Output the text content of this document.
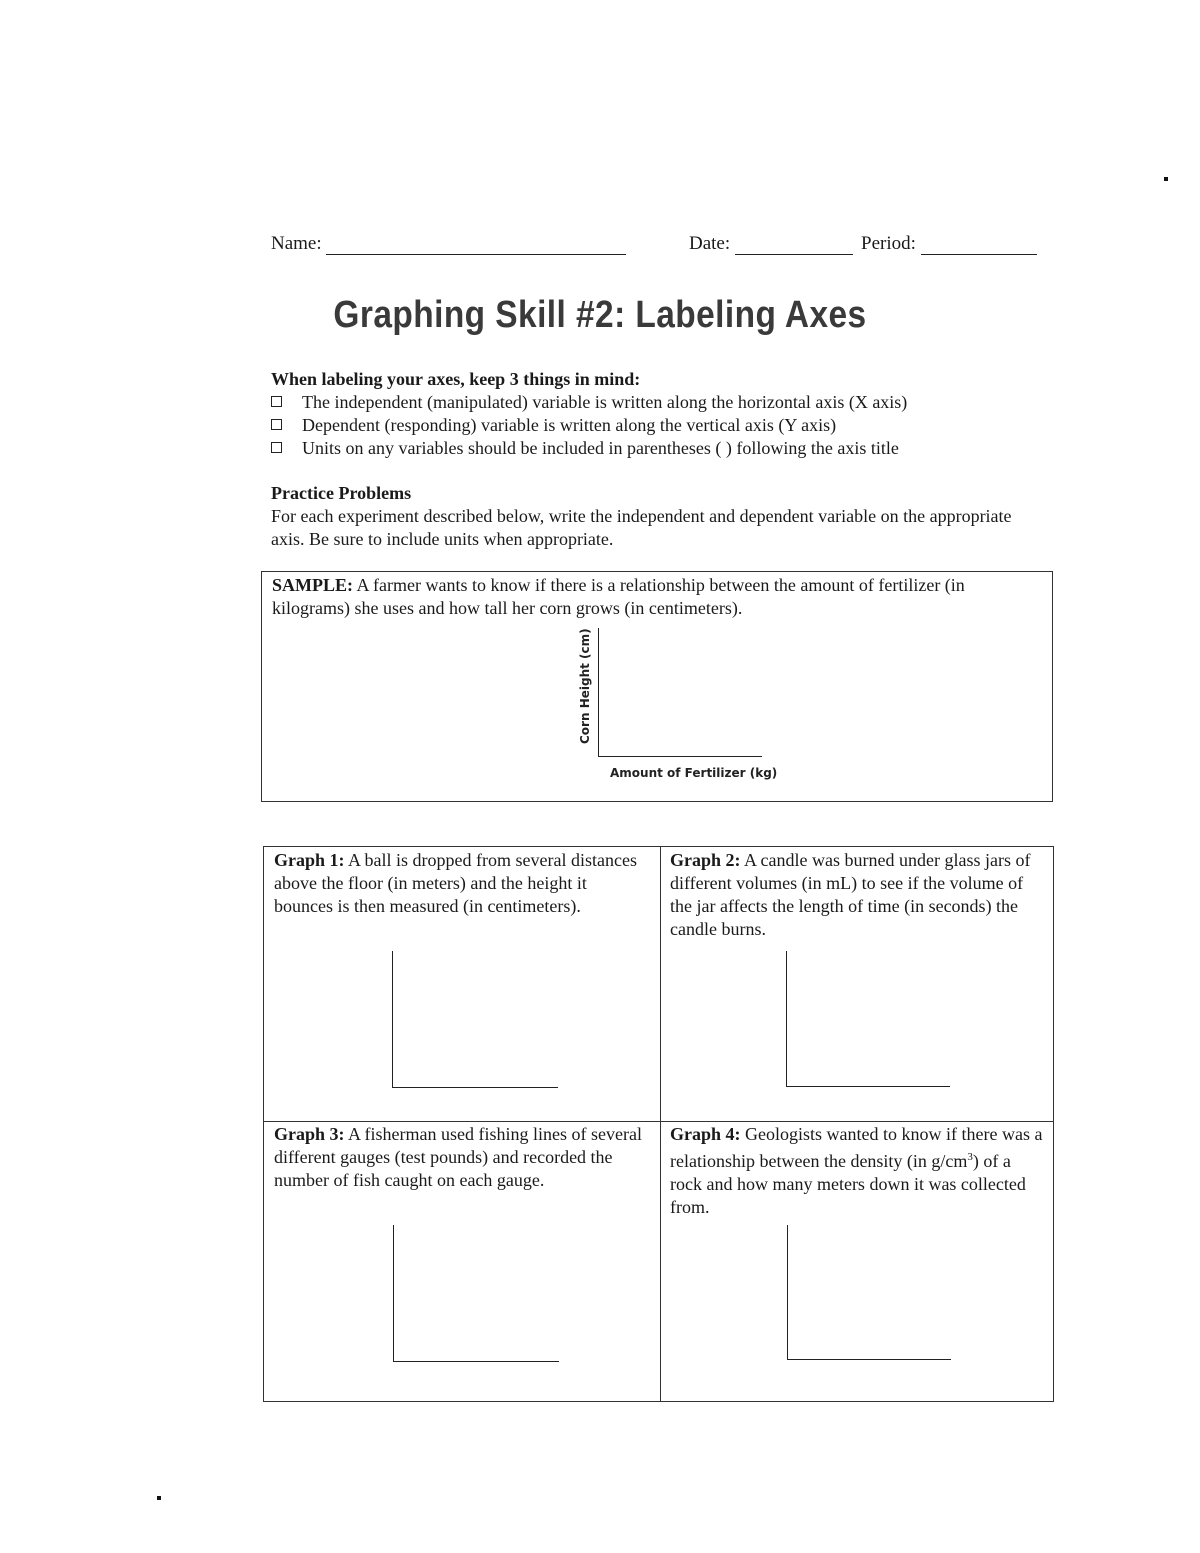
Name:	Date:	Period:
Graphing Skill #2: Labeling Axes
When labeling your axes, keep 3 things in mind:
The independent (manipulated) variable is written along the horizontal axis (X axis)
Dependent (responding) variable is written along the vertical axis (Y axis)
Units on any variables should be included in parentheses ( ) following the axis title
Practice Problems
For each experiment described below, write the independent and dependent variable on the appropriate axis. Be sure to include units when appropriate.
SAMPLE: A farmer wants to know if there is a relationship between the amount of fertilizer (in kilograms) she uses and how tall her corn grows (in centimeters).
Corn Height (cm)
Amount of Fertilizer (kg)
Graph 1: A ball is dropped from several distances above the floor (in meters) and the height it bounces is then measured (in centimeters).
Graph 2: A candle was burned under glass jars of different volumes (in mL) to see if the volume of the jar affects the length of time (in seconds) the candle burns.
Graph 3: A fisherman used fishing lines of several different gauges (test pounds) and recorded the number of fish caught on each gauge.
Graph 4: Geologists wanted to know if there was a relationship between the density (in $g/cm^3$) of a rock and how many meters down it was collected from.
